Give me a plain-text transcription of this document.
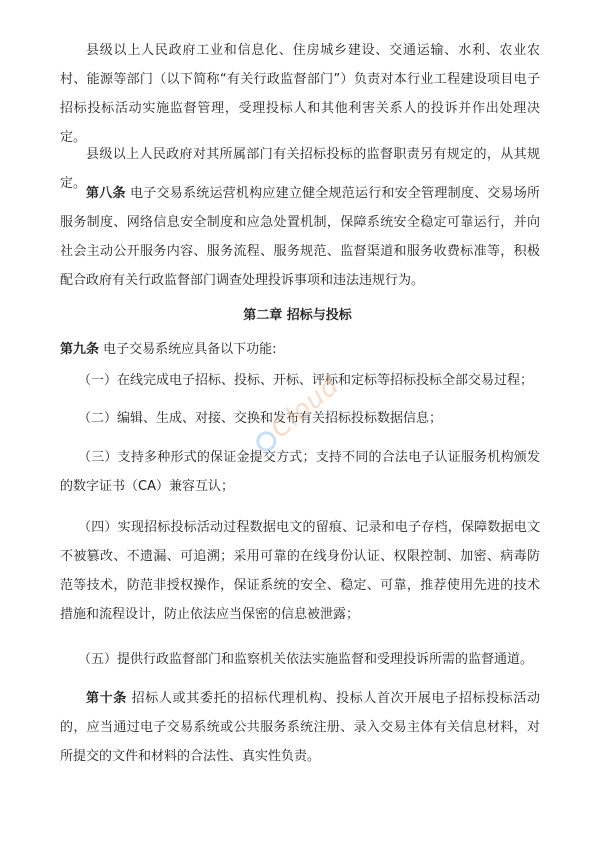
县级以上人民政府工业和信息化、住房城乡建设、交通运输、水利、农业农村、能源等部门（以下简称“有关行政监督部门”）负责对本行业工程建设项目电子招标投标活动实施监督管理，受理投标人和其他利害关系人的投诉并作出处理决定。

县级以上人民政府对其所属部门有关招标投标的监督职责另有规定的，从其规定。

第八条 电子交易系统运营机构应建立健全规范运行和安全管理制度、交易场所服务制度、网络信息安全制度和应急处置机制，保障系统安全稳定可靠运行，并向社会主动公开服务内容、服务流程、服务规范、监督渠道和服务收费标准等，积极配合政府有关行政监督部门调查处理投诉事项和违法违规行为。

第二章 招标与投标

第九条 电子交易系统应具备以下功能:

（一）在线完成电子招标、投标、开标、评标和定标等招标投标全部交易过程；

（二）编辑、生成、对接、交换和发布有关招标投标数据信息；

（三）支持多种形式的保证金提交方式；支持不同的合法电子认证服务机构颁发的数字证书（CA）兼容互认；

（四）实现招标投标活动过程数据电文的留痕、记录和电子存档，保障数据电文不被篡改、不遗漏、可追溯；采用可靠的在线身份认证、权限控制、加密、病毒防范等技术，防范非授权操作，保证系统的安全、稳定、可靠，推荐使用先进的技术措施和流程设计，防止依法应当保密的信息被泄露；

（五）提供行政监督部门和监察机关依法实施监督和受理投诉所需的监督通道。

第十条 招标人或其委托的招标代理机构、投标人首次开展电子招标投标活动的，应当通过电子交易系统或公共服务系统注册、录入交易主体有关信息材料，对所提交的文件和材料的合法性、真实性负责。

Cloud
